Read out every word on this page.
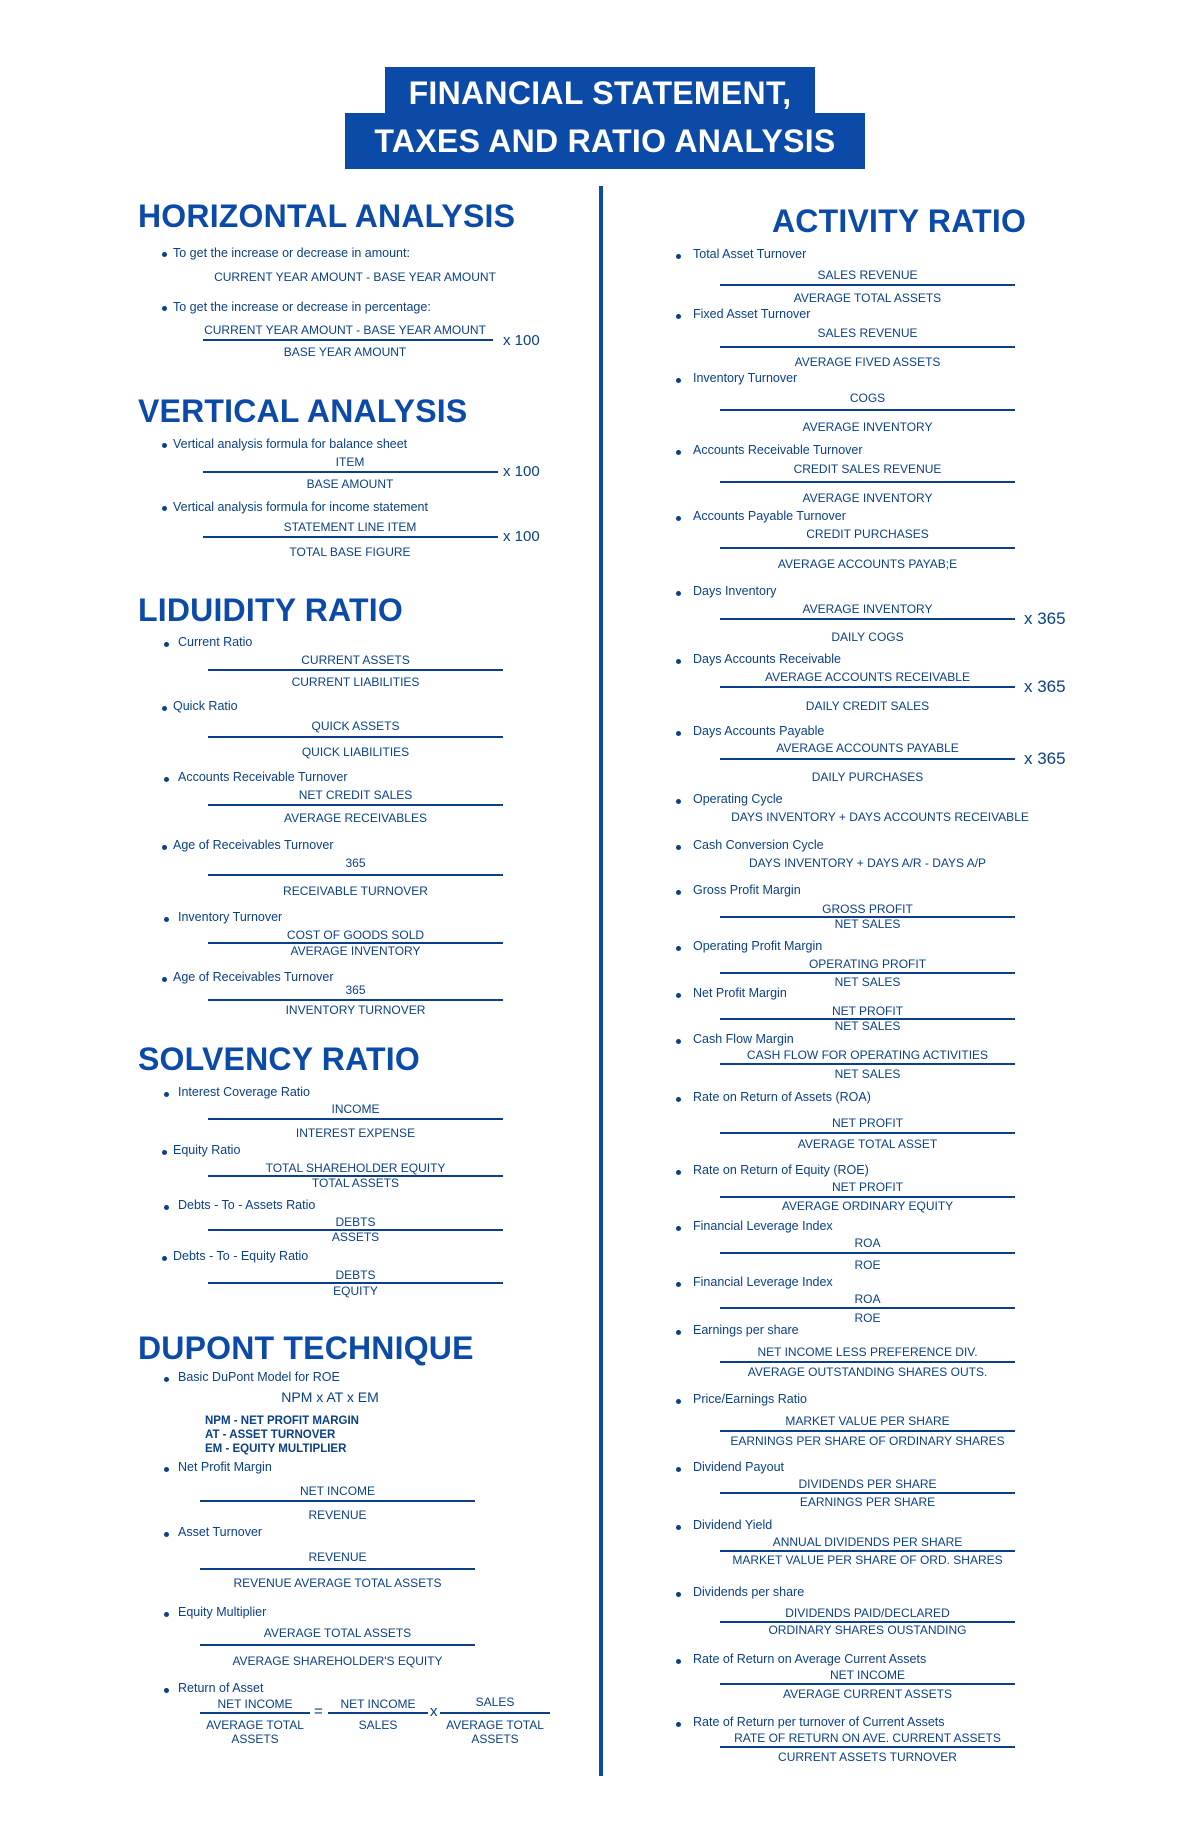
FINANCIAL STATEMENT,
TAXES AND RATIO ANALYSIS
HORIZONTAL ANALYSIS
To get the increase or decrease in amount:
CURRENT YEAR AMOUNT - BASE YEAR AMOUNT
To get the increase or decrease in percentage:
CURRENT YEAR AMOUNT - BASE YEAR AMOUNT
BASE YEAR AMOUNT
x 100
VERTICAL ANALYSIS
Vertical analysis formula for balance sheet
ITEM
BASE AMOUNT
x 100
Vertical analysis formula for income statement
STATEMENT LINE ITEM
TOTAL BASE FIGURE
x 100
LIDUIDITY RATIO
Current Ratio
CURRENT ASSETS
CURRENT LIABILITIES
Quick Ratio
QUICK ASSETS
QUICK LIABILITIES
Accounts Receivable Turnover
NET CREDIT SALES
AVERAGE RECEIVABLES
Age of Receivables Turnover
365
RECEIVABLE TURNOVER
Inventory Turnover
COST OF GOODS SOLD
AVERAGE INVENTORY
Age of Receivables Turnover
365
INVENTORY TURNOVER
SOLVENCY RATIO
Interest Coverage Ratio
INCOME
INTEREST EXPENSE
Equity Ratio
TOTAL SHAREHOLDER EQUITY
TOTAL ASSETS
Debts - To - Assets Ratio
DEBTS
ASSETS
Debts - To - Equity Ratio
DEBTS
EQUITY
DUPONT TECHNIQUE
Basic DuPont Model for ROE
NPM x AT x EM
NPM - NET PROFIT MARGIN
AT - ASSET TURNOVER
EM - EQUITY MULTIPLIER
Net Profit Margin
NET INCOME
REVENUE
Asset Turnover
REVENUE
REVENUE AVERAGE TOTAL ASSETS
Equity Multiplier
AVERAGE TOTAL ASSETS
AVERAGE SHAREHOLDER'S EQUITY
Return of Asset
NET INCOME
AVERAGE TOTAL
ASSETS
=	NET INCOME
SALES
x
SALES
AVERAGE TOTAL
ASSETS
ACTIVITY RATIO
Total Asset Turnover
SALES REVENUE
AVERAGE TOTAL ASSETS
Fixed Asset Turnover
SALES REVENUE
AVERAGE FIVED ASSETS
Inventory Turnover
COGS
AVERAGE INVENTORY
Accounts Receivable Turnover
CREDIT SALES REVENUE
AVERAGE INVENTORY
Accounts Payable Turnover
CREDIT PURCHASES
AVERAGE ACCOUNTS PAYAB;E
Days Inventory
AVERAGE INVENTORY
DAILY COGS
x 365
Days Accounts Receivable
AVERAGE ACCOUNTS RECEIVABLE
DAILY CREDIT SALES
x 365
Days Accounts Payable
AVERAGE ACCOUNTS PAYABLE
DAILY PURCHASES
x 365
Operating Cycle
DAYS INVENTORY + DAYS ACCOUNTS RECEIVABLE
Cash Conversion Cycle
DAYS INVENTORY + DAYS A/R - DAYS A/P
Gross Profit Margin
GROSS PROFIT
NET SALES
Operating Profit Margin
OPERATING PROFIT
NET SALES
Net Profit Margin
NET PROFIT
NET SALES
Cash Flow Margin
CASH FLOW FOR OPERATING ACTIVITIES
NET SALES
Rate on Return of Assets (ROA)
NET PROFIT
AVERAGE TOTAL ASSET
Rate on Return of Equity (ROE)
NET PROFIT
AVERAGE ORDINARY EQUITY
Financial Leverage Index
ROA
ROE
Financial Leverage Index
ROA
ROE
Earnings per share
NET INCOME LESS PREFERENCE DIV.
AVERAGE OUTSTANDING SHARES OUTS.
Price/Earnings Ratio
MARKET VALUE PER SHARE
EARNINGS PER SHARE OF ORDINARY SHARES
Dividend Payout
DIVIDENDS PER SHARE
EARNINGS PER SHARE
Dividend Yield
ANNUAL DIVIDENDS PER SHARE
MARKET VALUE PER SHARE OF ORD. SHARES
Dividends per share
DIVIDENDS PAID/DECLARED
ORDINARY SHARES OUSTANDING
Rate of Return on Average Current Assets
NET INCOME
AVERAGE CURRENT ASSETS
Rate of Return per turnover of Current Assets
RATE OF RETURN ON AVE. CURRENT ASSETS
CURRENT ASSETS TURNOVER
